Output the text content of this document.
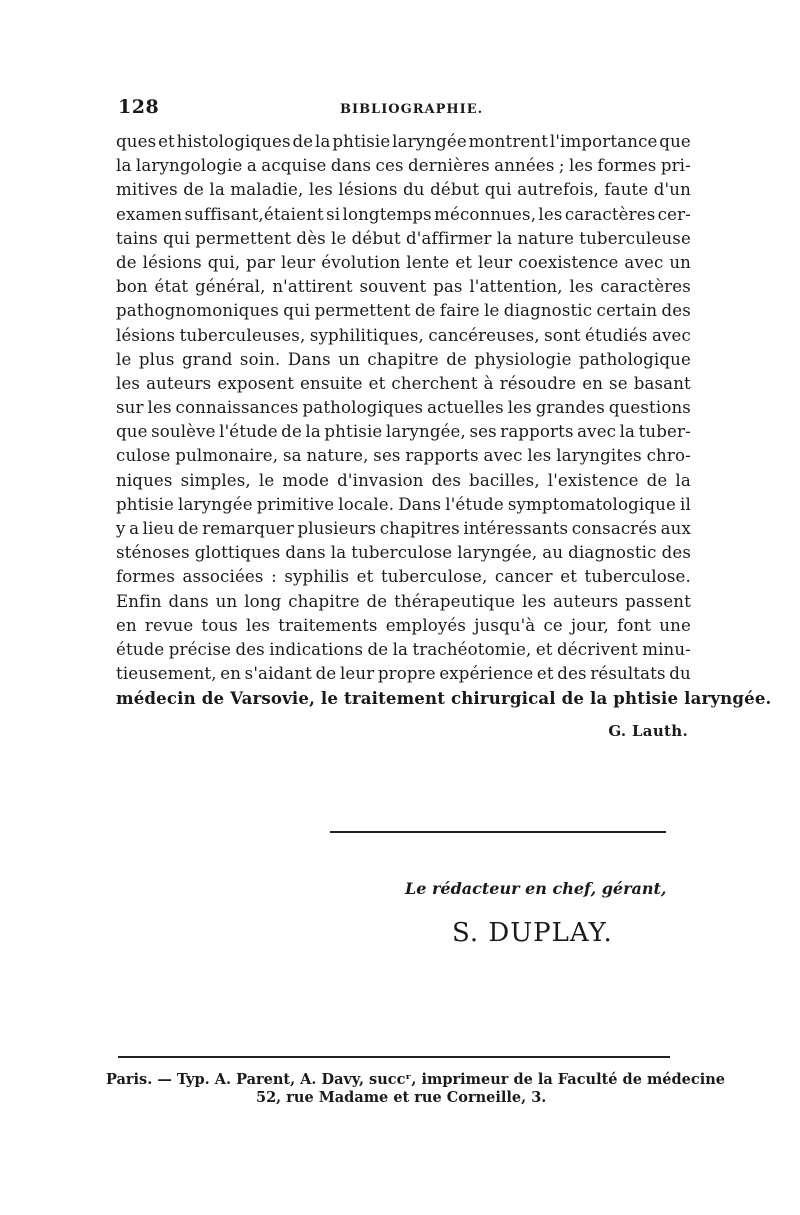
128	BIBLIOGRAPHIE.
ques et histologiques de la phtisie laryngée montrent l'importance que
la laryngologie a acquise dans ces dernières années ; les formes pri-
mitives de la maladie, les lésions du début qui autrefois, faute d'un
examen suffisant,étaient si longtemps méconnues, les caractères cer-
tains qui permettent dès le début d'affirmer la nature tuberculeuse
de lésions qui, par leur évolution lente et leur coexistence avec un
bon état général, n'attirent souvent pas l'attention, les caractères
pathognomoniques qui permettent de faire le diagnostic certain des
lésions tuberculeuses, syphilitiques, cancéreuses, sont étudiés avec
le plus grand soin. Dans un chapitre de physiologie pathologique
les auteurs exposent ensuite et cherchent à résoudre en se basant
sur les connaissances pathologiques actuelles les grandes questions
que soulève l'étude de la phtisie laryngée, ses rapports avec la tuber-
culose pulmonaire, sa nature, ses rapports avec les laryngites chro-
niques simples, le mode d'invasion des bacilles, l'existence de la
phtisie laryngée primitive locale. Dans l'étude symptomatologique il
y a lieu de remarquer plusieurs chapitres intéressants consacrés aux
sténoses glottiques dans la tuberculose laryngée, au diagnostic des
formes associées : syphilis et tuberculose, cancer et tuberculose.
Enfin dans un long chapitre de thérapeutique les auteurs passent
en revue tous les traitements employés jusqu'à ce jour, font une
étude précise des indications de la trachéotomie, et décrivent minu-
tieusement, en s'aidant de leur propre expérience et des résultats du
médecin de Varsovie, le traitement chirurgical de la phtisie laryngée.
G. Lauth.
Le rédacteur en chef, gérant,
S. DUPLAY.
Paris. — Typ. A. Parent, A. Davy, succʳ, imprimeur de la Faculté de médecine
52, rue Madame et rue Corneille, 3.
